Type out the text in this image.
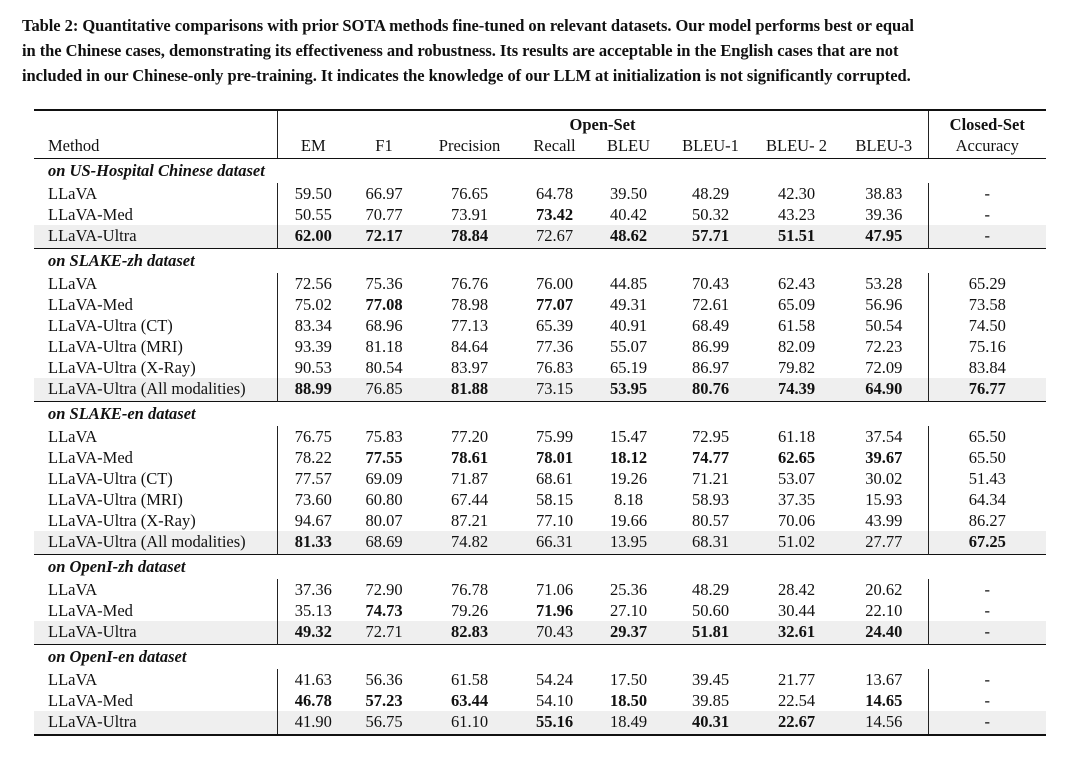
Table 2: Quantitative comparisons with prior SOTA methods fine-tuned on relevant datasets. Our model performs best or equal
in the Chinese cases, demonstrating its effectiveness and robustness. Its results are acceptable in the English cases that are not
included in our Chinese-only pre-training. It indicates the knowledge of our LLM at initialization is not significantly corrupted.
	Open-Set								Closed-Set
Method	EM	F1	Precision	Recall	BLEU	BLEU-1	BLEU- 2	BLEU-3	Accuracy
on US-Hospital Chinese dataset									
LLaVA	59.50	66.97	76.65	64.78	39.50	48.29	42.30	38.83	-
LLaVA-Med	50.55	70.77	73.91	73.42	40.42	50.32	43.23	39.36	-
LLaVA-Ultra	62.00	72.17	78.84	72.67	48.62	57.71	51.51	47.95	-
on SLAKE-zh dataset									
LLaVA	72.56	75.36	76.76	76.00	44.85	70.43	62.43	53.28	65.29
LLaVA-Med	75.02	77.08	78.98	77.07	49.31	72.61	65.09	56.96	73.58
LLaVA-Ultra (CT)	83.34	68.96	77.13	65.39	40.91	68.49	61.58	50.54	74.50
LLaVA-Ultra (MRI)	93.39	81.18	84.64	77.36	55.07	86.99	82.09	72.23	75.16
LLaVA-Ultra (X-Ray)	90.53	80.54	83.97	76.83	65.19	86.97	79.82	72.09	83.84
LLaVA-Ultra (All modalities)	88.99	76.85	81.88	73.15	53.95	80.76	74.39	64.90	76.77
on SLAKE-en dataset									
LLaVA	76.75	75.83	77.20	75.99	15.47	72.95	61.18	37.54	65.50
LLaVA-Med	78.22	77.55	78.61	78.01	18.12	74.77	62.65	39.67	65.50
LLaVA-Ultra (CT)	77.57	69.09	71.87	68.61	19.26	71.21	53.07	30.02	51.43
LLaVA-Ultra (MRI)	73.60	60.80	67.44	58.15	8.18	58.93	37.35	15.93	64.34
LLaVA-Ultra (X-Ray)	94.67	80.07	87.21	77.10	19.66	80.57	70.06	43.99	86.27
LLaVA-Ultra (All modalities)	81.33	68.69	74.82	66.31	13.95	68.31	51.02	27.77	67.25
on OpenI-zh dataset									
LLaVA	37.36	72.90	76.78	71.06	25.36	48.29	28.42	20.62	-
LLaVA-Med	35.13	74.73	79.26	71.96	27.10	50.60	30.44	22.10	-
LLaVA-Ultra	49.32	72.71	82.83	70.43	29.37	51.81	32.61	24.40	-
on OpenI-en dataset									
LLaVA	41.63	56.36	61.58	54.24	17.50	39.45	21.77	13.67	-
LLaVA-Med	46.78	57.23	63.44	54.10	18.50	39.85	22.54	14.65	-
LLaVA-Ultra	41.90	56.75	61.10	55.16	18.49	40.31	22.67	14.56	-
